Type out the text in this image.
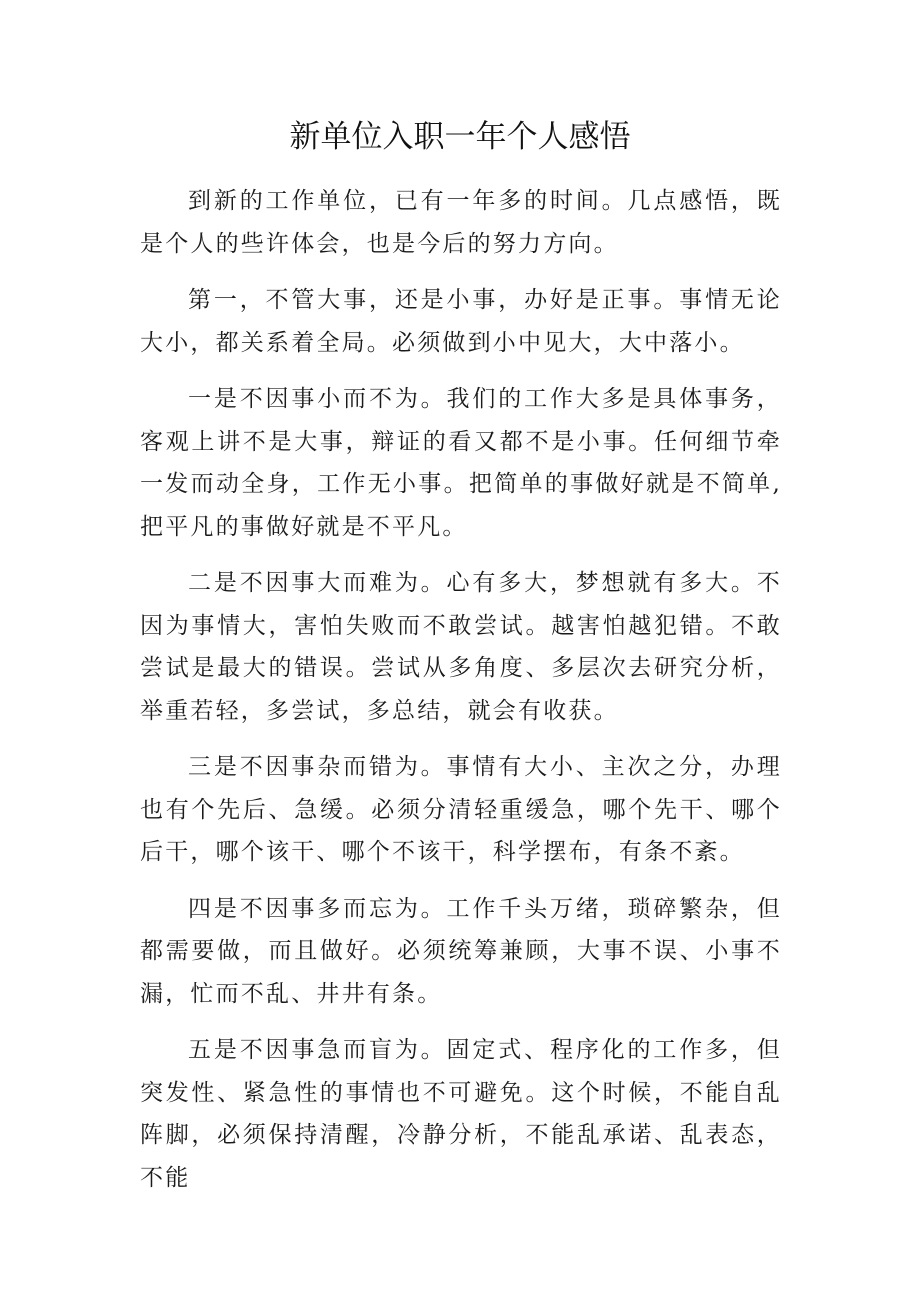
新单位入职一年个人感悟

到新的工作单位，已有一年多的时间。几点感悟，既是个人的些许体会，也是今后的努力方向。

第一，不管大事，还是小事，办好是正事。事情无论大小，都关系着全局。必须做到小中见大，大中落小。

一是不因事小而不为。我们的工作大多是具体事务，客观上讲不是大事，辩证的看又都不是小事。任何细节牵一发而动全身，工作无小事。把简单的事做好就是不简单,把平凡的事做好就是不平凡。

二是不因事大而难为。心有多大，梦想就有多大。不因为事情大，害怕失败而不敢尝试。越害怕越犯错。不敢尝试是最大的错误。尝试从多角度、多层次去研究分析，举重若轻，多尝试，多总结，就会有收获。

三是不因事杂而错为。事情有大小、主次之分，办理也有个先后、急缓。必须分清轻重缓急，哪个先干、哪个后干，哪个该干、哪个不该干，科学摆布，有条不紊。

四是不因事多而忘为。工作千头万绪，琐碎繁杂，但都需要做，而且做好。必须统筹兼顾，大事不误、小事不漏，忙而不乱、井井有条。

五是不因事急而盲为。固定式、程序化的工作多，但突发性、紧急性的事情也不可避免。这个时候，不能自乱阵脚，必须保持清醒，冷静分析，不能乱承诺、乱表态，不能
